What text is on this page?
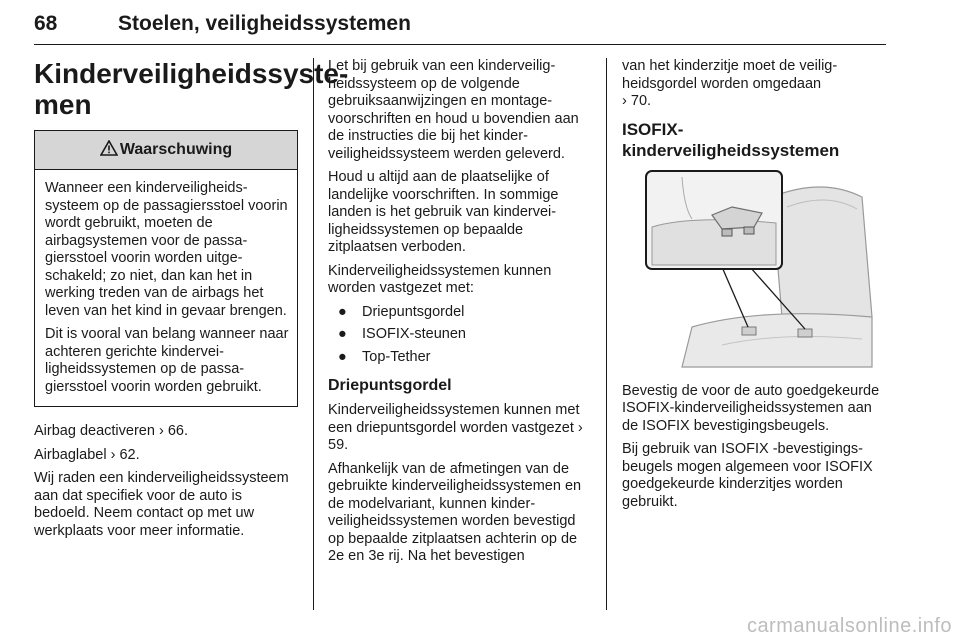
68	Stoelen, veiligheidssystemen
Kinderveiligheidssyste-
men
Waarschuwing

Wanneer een kinderveiligheidssysteem op de passagiersstoel voorin wordt gebruikt, moeten de airbagsystemen voor de passagiersstoel voorin worden uitgeschakeld; zo niet, dan kan het in werking treden van de airbags het leven van het kind in gevaar brengen.

Dit is vooral van belang wanneer naar achteren gerichte kinderveiligheidssystemen op de passagiersstoel voorin worden gebruikt.

Airbag deactiveren › 66.

Airbaglabel › 62.

Wij raden een kinderveiligheidssysteem aan dat specifiek voor de auto is bedoeld. Neem contact op met uw werkplaats voor meer informatie.

Let bij gebruik van een kinderveiligheidssysteem op de volgende gebruiksaanwijzingen en montagevoorschriften en houd u bovendien aan de instructies die bij het kinderveiligheidssysteem werden geleverd.

Houd u altijd aan de plaatselijke of landelijke voorschriften. In sommige landen is het gebruik van kinderveiligheidssystemen op bepaalde zitplaatsen verboden.

Kinderveiligheidssystemen kunnen worden vastgezet met:

● Driepuntsgordel
● ISOFIX-steunen
● Top-Tether
Driepuntsgordel

Kinderveiligheidssystemen kunnen met een driepuntsgordel worden vastgezet › 59.

Afhankelijk van de afmetingen van de gebruikte kinderveiligheidssystemen en de modelvariant, kunnen kinderveiligheidssystemen worden bevestigd op bepaalde zitplaatsen achterin op de 2e en 3e rij. Na het bevestigen

van het kinderzitje moet de veiligheidsgordel worden omgedaan
› 70.

ISOFIX-
kinderveiligheidssystemen

Bevestig de voor de auto goedgekeurde ISOFIX-kinderveiligheidssystemen aan de ISOFIX bevestigingsbeugels.

Bij gebruik van ISOFIX -bevestigingsbeugels mogen algemeen voor ISOFIX goedgekeurde kinderzitjes worden gebruikt.

carmanualsonline.info
